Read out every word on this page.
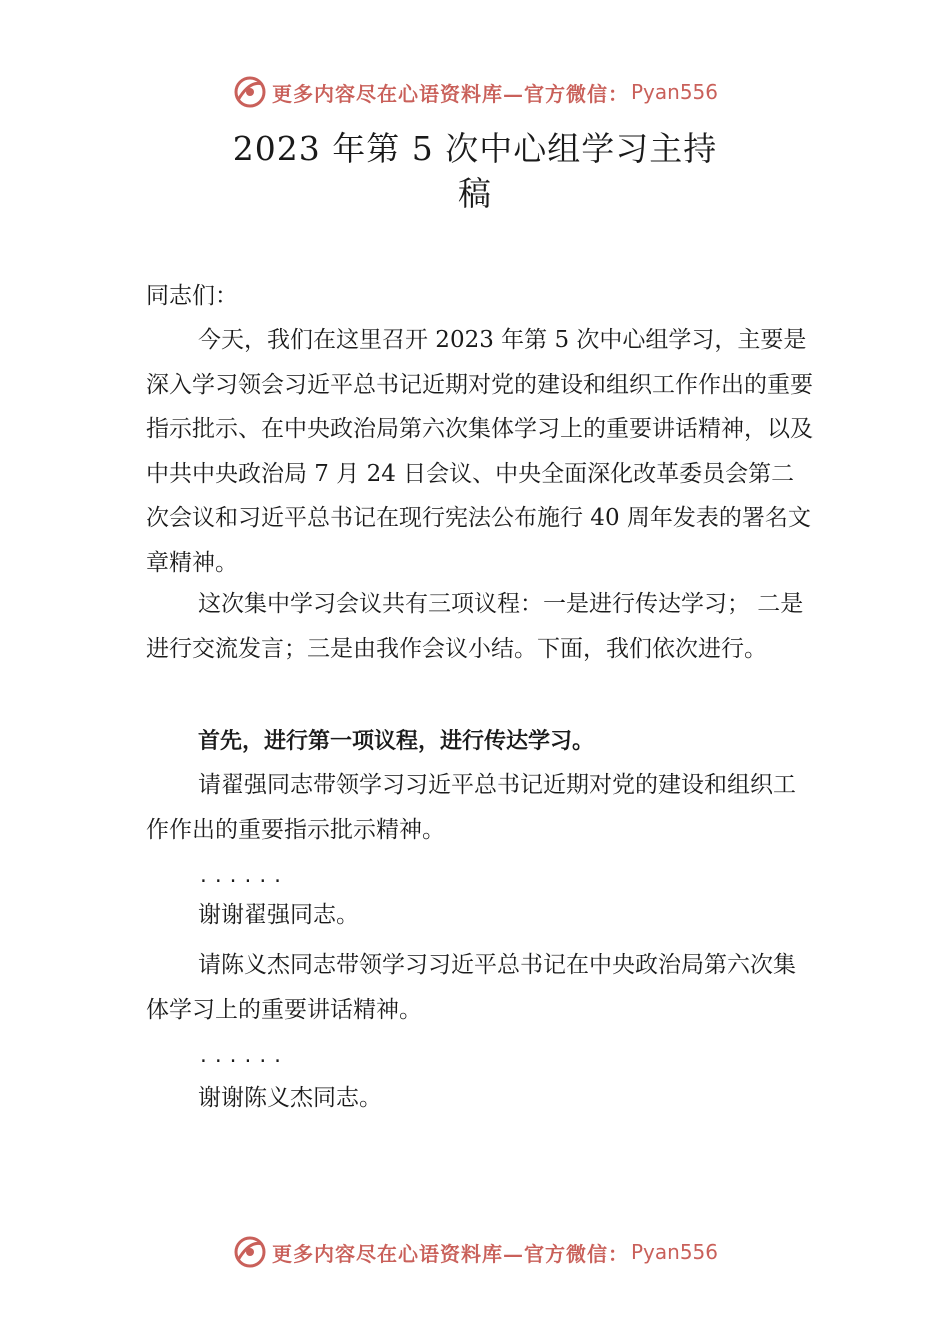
更多内容尽在心语资料库—官方微信： Pyan556
2023 年第 5 次中心组学习主持
稿
同志们：
今天，我们在这里召开 2023 年第 5 次中心组学习，主要是深入学习领会习近平总书记近期对党的建设和组织工作作出的重要指示批示、在中央政治局第六次集体学习上的重要讲话精神，以及中共中央政治局 7 月 24 日会议、中央全面深化改革委员会第二次会议和习近平总书记在现行宪法公布施行 40 周年发表的署名文章精神。
这次集中学习会议共有三项议程：一是进行传达学习； 二是进行交流发言；三是由我作会议小结。下面，我们依次进行。
首先，进行第一项议程，进行传达学习。
请翟强同志带领学习习近平总书记近期对党的建设和组织工作作出的重要指示批示精神。
......
谢谢翟强同志。
请陈义杰同志带领学习习近平总书记在中央政治局第六次集体学习上的重要讲话精神。
......
谢谢陈义杰同志。
更多内容尽在心语资料库—官方微信： Pyan556
